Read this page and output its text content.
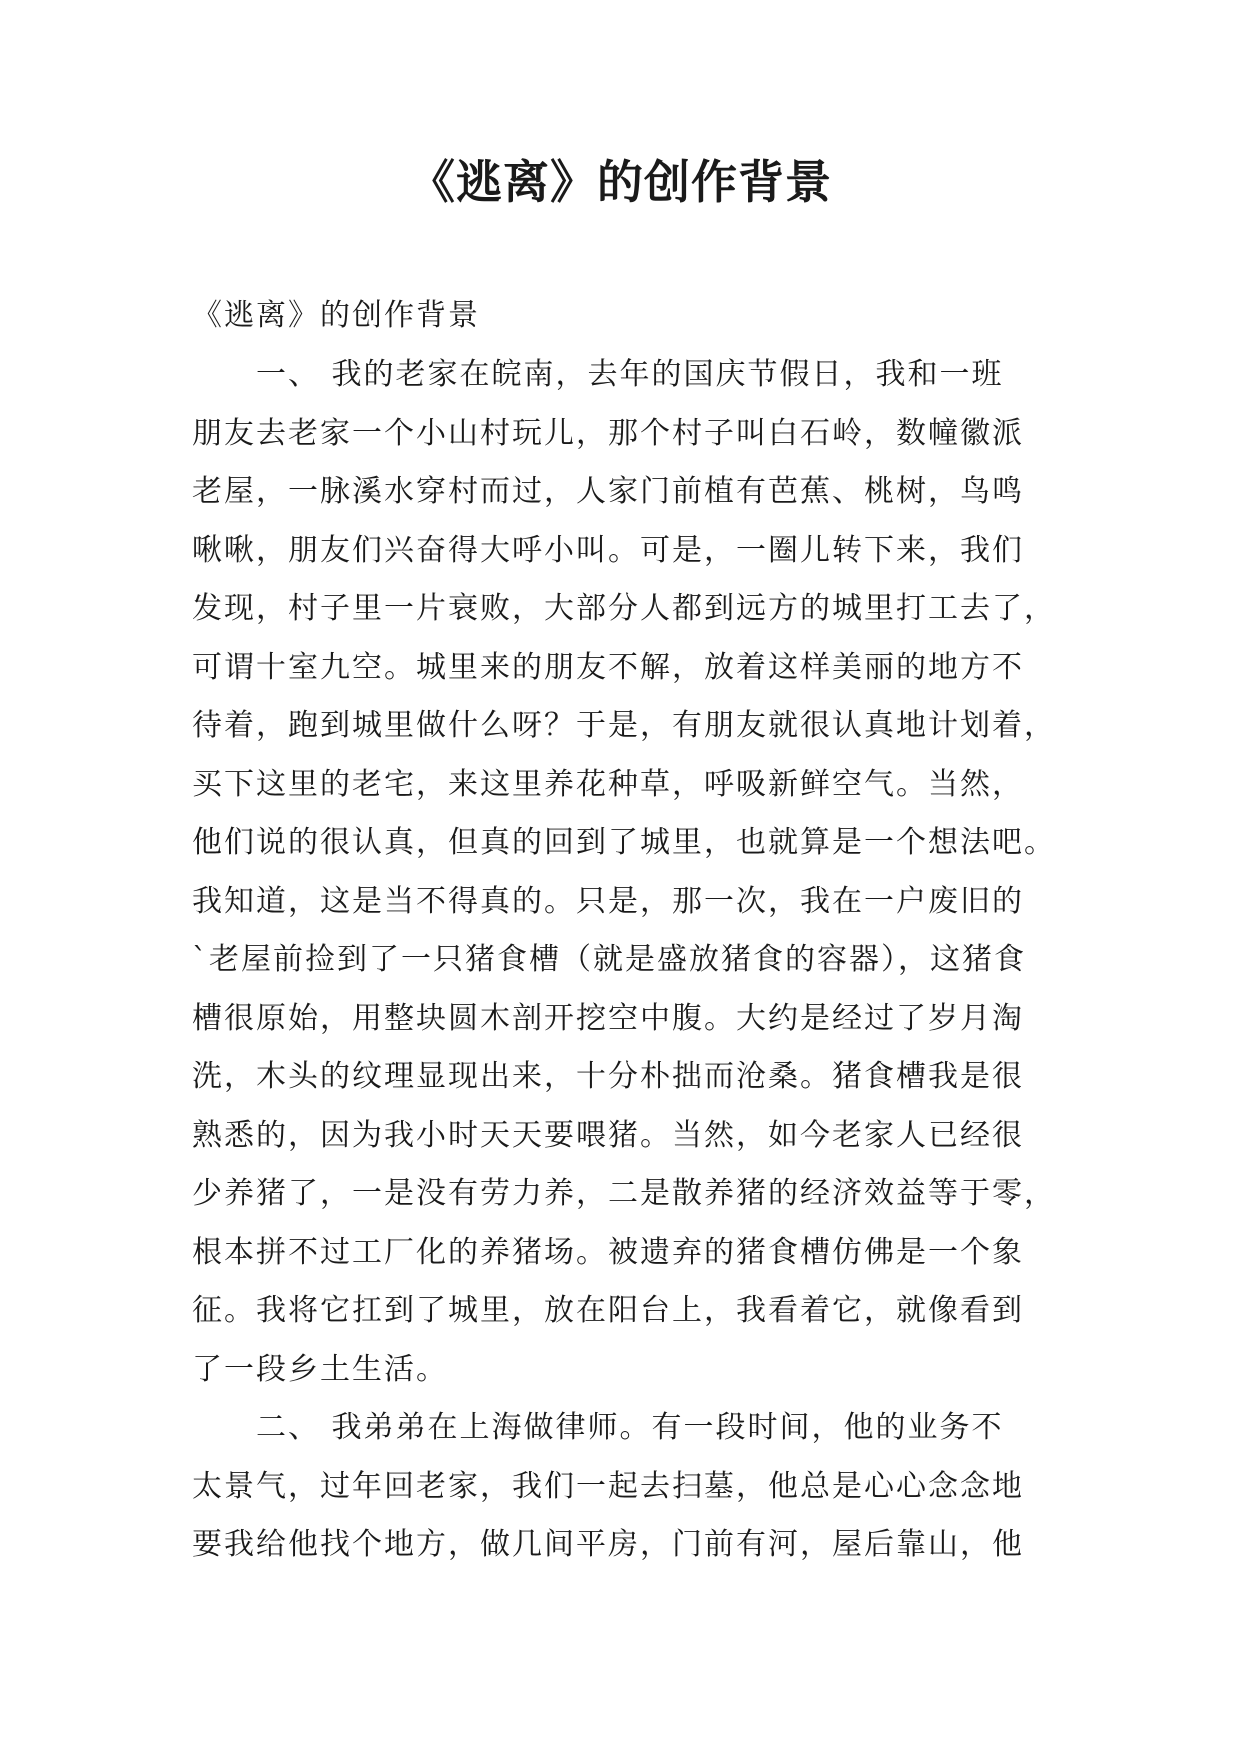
《逃离》的创作背景
《逃离》的创作背景
一、 我的老家在皖南，去年的国庆节假日，我和一班
朋友去老家一个小山村玩儿，那个村子叫白石岭，数幢徽派
老屋，一脉溪水穿村而过，人家门前植有芭蕉、桃树，鸟鸣
啾啾，朋友们兴奋得大呼小叫。可是，一圈儿转下来，我们
发现，村子里一片衰败，大部分人都到远方的城里打工去了，
可谓十室九空。城里来的朋友不解，放着这样美丽的地方不
待着，跑到城里做什么呀？于是，有朋友就很认真地计划着，
买下这里的老宅，来这里养花种草，呼吸新鲜空气。当然，
他们说的很认真，但真的回到了城里，也就算是一个想法吧。
我知道，这是当不得真的。只是，那一次，我在一户废旧的
`老屋前捡到了一只猪食槽（就是盛放猪食的容器），这猪食
槽很原始，用整块圆木剖开挖空中腹。大约是经过了岁月淘
洗，木头的纹理显现出来，十分朴拙而沧桑。猪食槽我是很
熟悉的，因为我小时天天要喂猪。当然，如今老家人已经很
少养猪了，一是没有劳力养，二是散养猪的经济效益等于零，
根本拼不过工厂化的养猪场。被遗弃的猪食槽仿佛是一个象
征。我将它扛到了城里，放在阳台上，我看着它，就像看到
了一段乡土生活。
二、 我弟弟在上海做律师。有一段时间，他的业务不
太景气，过年回老家，我们一起去扫墓，他总是心心念念地
要我给他找个地方，做几间平房，门前有河，屋后靠山，他
